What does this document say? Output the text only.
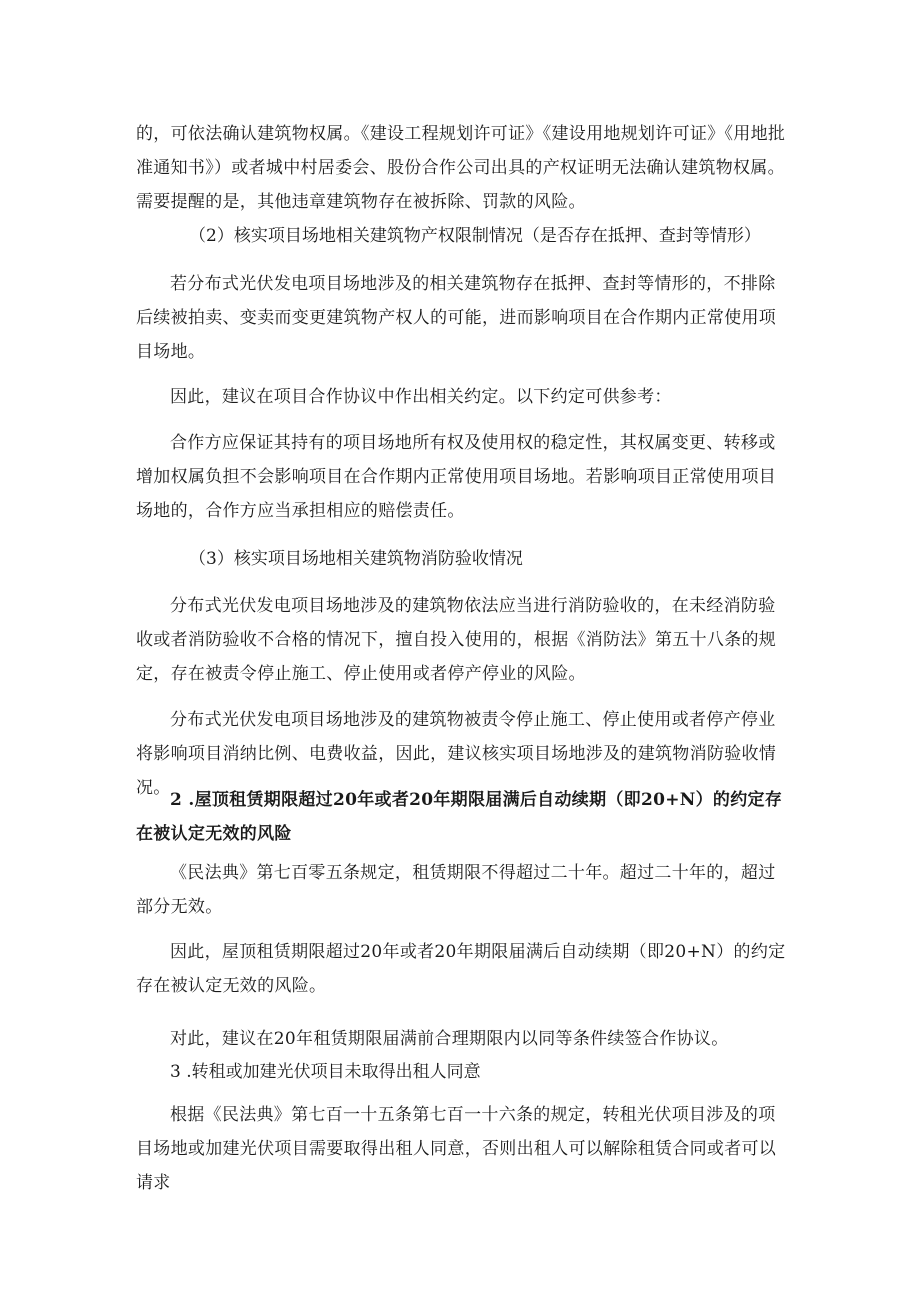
的，可依法确认建筑物权属。《建设工程规划许可证》《建设用地规划许可证》《用地批准通知书》）或者城中村居委会、股份合作公司出具的产权证明无法确认建筑物权属。需要提醒的是，其他违章建筑物存在被拆除、罚款的风险。

（2）核实项目场地相关建筑物产权限制情况（是否存在抵押、查封等情形）

若分布式光伏发电项目场地涉及的相关建筑物存在抵押、查封等情形的，不排除后续被拍卖、变卖而变更建筑物产权人的可能，进而影响项目在合作期内正常使用项目场地。

因此，建议在项目合作协议中作出相关约定。以下约定可供参考：

合作方应保证其持有的项目场地所有权及使用权的稳定性，其权属变更、转移或增加权属负担不会影响项目在合作期内正常使用项目场地。若影响项目正常使用项目场地的，合作方应当承担相应的赔偿责任。

（3）核实项目场地相关建筑物消防验收情况

分布式光伏发电项目场地涉及的建筑物依法应当进行消防验收的，在未经消防验收或者消防验收不合格的情况下，擅自投入使用的，根据《消防法》第五十八条的规定，存在被责令停止施工、停止使用或者停产停业的风险。

分布式光伏发电项目场地涉及的建筑物被责令停止施工、停止使用或者停产停业将影响项目消纳比例、电费收益，因此，建议核实项目场地涉及的建筑物消防验收情况。

2 .屋顶租赁期限超过20年或者20年期限届满后自动续期（即20+N）的约定存在被认定无效的风险

《民法典》第七百零五条规定，租赁期限不得超过二十年。超过二十年的，超过部分无效。

因此，屋顶租赁期限超过20年或者20年期限届满后自动续期（即20+N）的约定存在被认定无效的风险。

对此，建议在20年租赁期限届满前合理期限内以同等条件续签合作协议。

3 .转租或加建光伏项目未取得出租人同意

根据《民法典》第七百一十五条第七百一十六条的规定，转租光伏项目涉及的项目场地或加建光伏项目需要取得出租人同意，否则出租人可以解除租赁合同或者可以请求
